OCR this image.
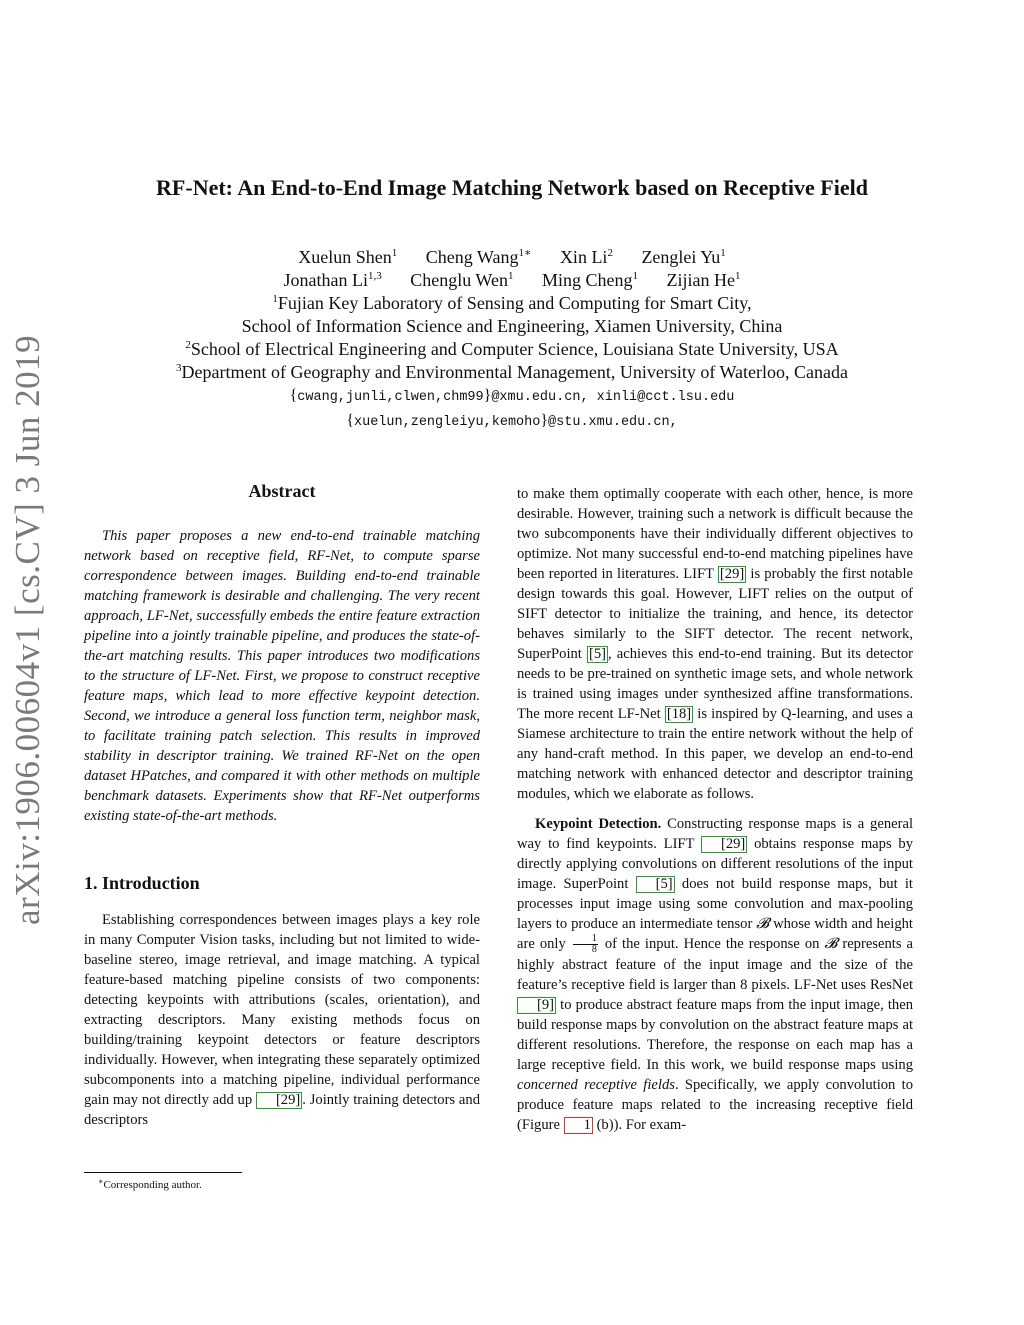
arXiv:1906.00604v1 [cs.CV] 3 Jun 2019
RF-Net: An End-to-End Image Matching Network based on Receptive Field
Xuelun Shen$^1$ Cheng Wang$^{1∗}$ Xin Li$^2$ Zenglei Yu$^1$
Jonathan Li$^{1,3}$ Chenglu Wen$^1$ Ming Cheng$^1$ Zijian He$^1$
$^1$Fujian Key Laboratory of Sensing and Computing for Smart City,
School of Information Science and Engineering, Xiamen University, China
$^2$School of Electrical Engineering and Computer Science, Louisiana State University, USA
$^3$Department of Geography and Environmental Management, University of Waterloo, Canada
{cwang,junli,clwen,chm99}@xmu.edu.cn, xinli@cct.lsu.edu
{xuelun,zengleiyu,kemoho}@stu.xmu.edu.cn,
Abstract

This paper proposes a new end-to-end trainable matching network based on receptive field, RF-Net, to compute sparse correspondence between images. Building end-to-end trainable matching framework is desirable and challenging. The very recent approach, LF-Net, successfully embeds the entire feature extraction pipeline into a jointly trainable pipeline, and produces the state-of-the-art matching results. This paper introduces two modifications to the structure of LF-Net. First, we propose to construct receptive feature maps, which lead to more effective keypoint detection. Second, we introduce a general loss function term, neighbor mask, to facilitate training patch selection. This results in improved stability in descriptor training. We trained RF-Net on the open dataset HPatches, and compared it with other methods on multiple benchmark datasets. Experiments show that RF-Net outperforms existing state-of-the-art methods.

1. Introduction

Establishing correspondences between images plays a key role in many Computer Vision tasks, including but not limited to wide-baseline stereo, image retrieval, and image matching. A typical feature-based matching pipeline consists of two components: detecting keypoints with attributions (scales, orientation), and extracting descriptors. Many existing methods focus on building/training keypoint detectors or feature descriptors individually. However, when integrating these separately optimized subcomponents into a matching pipeline, individual performance gain may not directly add up [29] . Jointly training detectors and descriptors

to make them optimally cooperate with each other, hence, is more desirable. However, training such a network is difficult because the two subcomponents have their individually different objectives to optimize. Not many successful end-to-end matching pipelines have been reported in literatures. LIFT [29] is probably the first notable design towards this goal. However, LIFT relies on the output of SIFT detector to initialize the training, and hence, its detector behaves similarly to the SIFT detector. The recent network, SuperPoint [5] , achieves this end-to-end training. But its detector needs to be pre-trained on synthetic image sets, and whole network is trained using images under synthesized affine transformations. The more recent LF-Net [18] is inspired by Q-learning, and uses a Siamese architecture to train the entire network without the help of any hand-craft method. In this paper, we develop an end-to-end matching network with enhanced detector and descriptor training modules, which we elaborate as follows.

Keypoint Detection. Constructing response maps is a general way to find keypoints. LIFT [29] obtains response maps by directly applying convolutions on different resolutions of the input image. SuperPoint [5] does not build response maps, but it processes input image using some convolution and max-pooling layers to produce an intermediate tensor 𝓑 whose width and height are only $\frac{1}{8}$ of the input. Hence the response on 𝓑 represents a highly abstract feature of the input image and the size of the feature’s receptive field is larger than 8 pixels. LF-Net uses ResNet [9] to produce abstract feature maps from the input image, then build response maps by convolution on the abstract feature maps at different resolutions. Therefore, the response on each map has a large receptive field. In this work, we build response maps using concerned receptive fields. Specifically, we apply convolution to produce feature maps related to the increasing receptive field (Figure 1 (b)). For exam-

∗Corresponding author.
